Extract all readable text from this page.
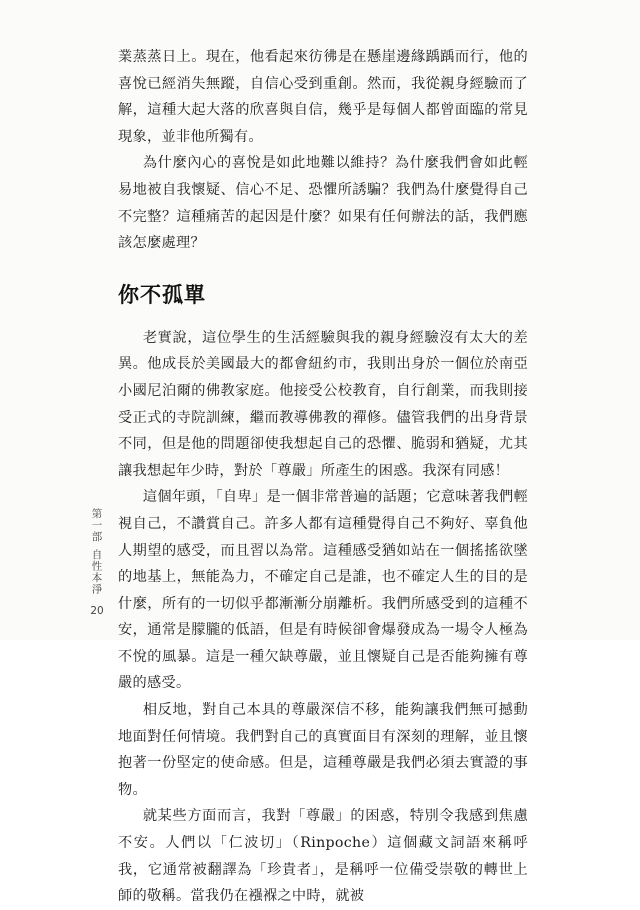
業蒸蒸日上。現在，他看起來彷彿是在懸崖邊緣踽踽而行，他的喜悅已經消失無蹤，自信心受到重創。然而，我從親身經驗而了解，這種大起大落的欣喜與自信，幾乎是每個人都曾面臨的常見現象，並非他所獨有。

為什麼內心的喜悅是如此地難以維持？為什麼我們會如此輕易地被自我懷疑、信心不足、恐懼所誘騙？我們為什麼覺得自己不完整？這種痛苦的起因是什麼？如果有任何辦法的話，我們應該怎麼處理？

你不孤單

老實說，這位學生的生活經驗與我的親身經驗沒有太大的差異。他成長於美國最大的都會紐約市，我則出身於一個位於南亞小國尼泊爾的佛教家庭。他接受公校教育，自行創業，而我則接受正式的寺院訓練，繼而教導佛教的禪修。儘管我們的出身背景不同，但是他的問題卻使我想起自己的恐懼、脆弱和猶疑，尤其讓我想起年少時，對於「尊嚴」所產生的困惑。我深有同感！

這個年頭，「自卑」是一個非常普遍的話題；它意味著我們輕視自己，不讚賞自己。許多人都有這種覺得自己不夠好、辜負他人期望的感受，而且習以為常。這種感受猶如站在一個搖搖欲墜的地基上，無能為力，不確定自己是誰，也不確定人生的目的是什麼，所有的一切似乎都漸漸分崩離析。我們所感受到的這種不安，通常是朦朧的低語，但是有時候卻會爆發成為一場令人極為不悅的風暴。這是一種欠缺尊嚴，並且懷疑自己是否能夠擁有尊嚴的感受。

相反地，對自己本具的尊嚴深信不移，能夠讓我們無可撼動地面對任何情境。我們對自己的真實面目有深刻的理解，並且懷抱著一份堅定的使命感。但是，這種尊嚴是我們必須去實證的事物。

就某些方面而言，我對「尊嚴」的困惑，特別令我感到焦慮不安。人們以「仁波切」（Rinpoche）這個藏文詞語來稱呼我，它通常被翻譯為「珍貴者」，是稱呼一位備受崇敬的轉世上師的敬稱。當我仍在襁褓之中時，就被

第一部
自性本淨
20
